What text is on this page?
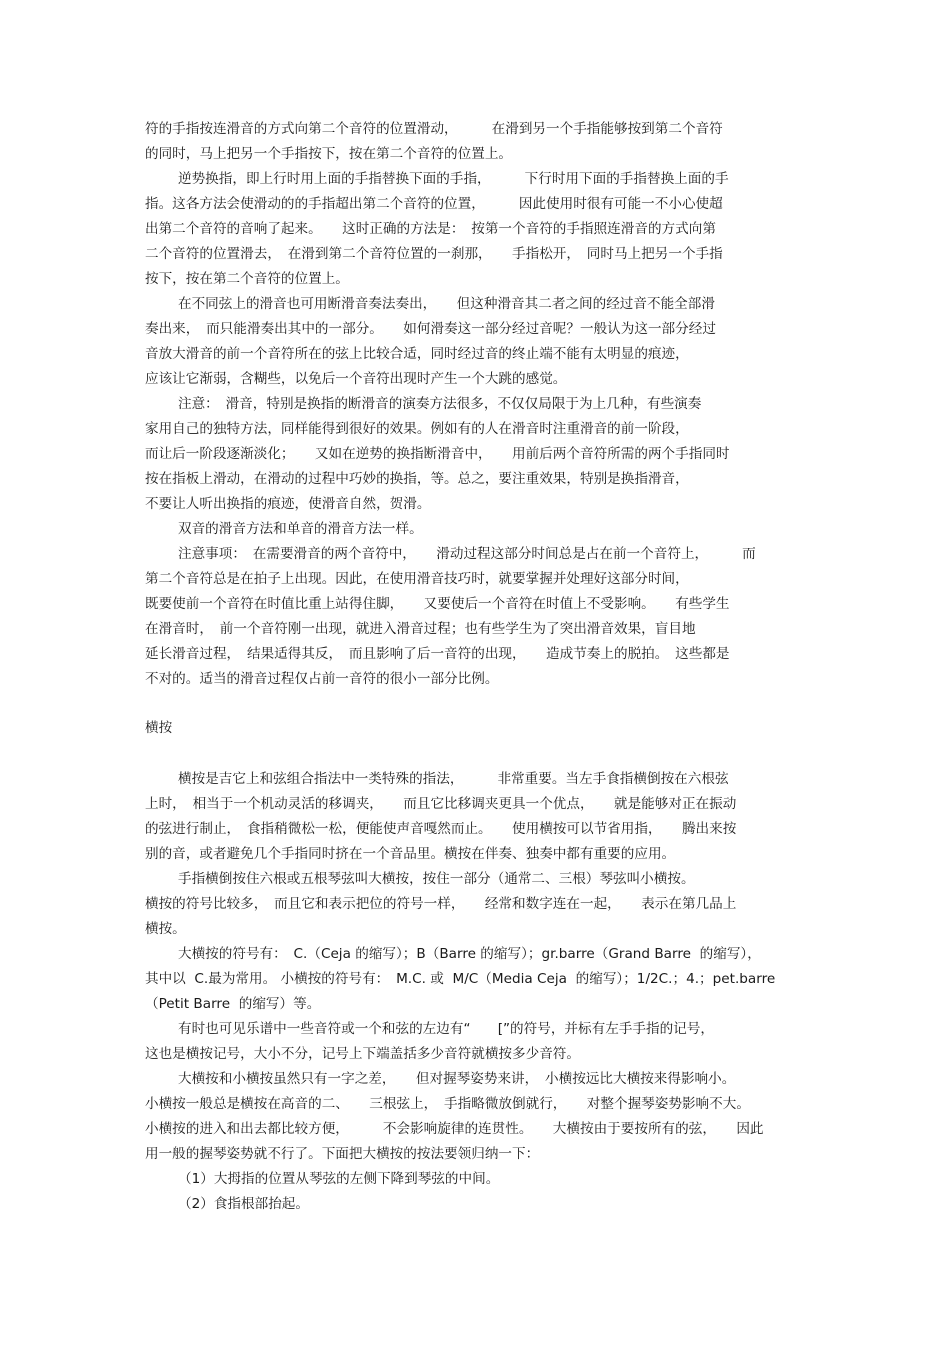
符的手指按连滑音的方式向第二个音符的位置滑动，　　　在滑到另一个手指能够按到第二个音符
的同时，马上把另一个手指按下，按在第二个音符的位置上。
逆势换指，即上行时用上面的手指替换下面的手指，　　　下行时用下面的手指替换上面的手
指。这各方法会使滑动的的手指超出第二个音符的位置，　　　因此使用时很有可能一不小心使超
出第二个音符的音响了起来。　　这时正确的方法是：　按第一个音符的手指照连滑音的方式向第
二个音符的位置滑去，　在滑到第二个音符位置的一刹那，　　手指松开，　同时马上把另一个手指
按下，按在第二个音符的位置上。
在不同弦上的滑音也可用断滑音奏法奏出，　　但这种滑音其二者之间的经过音不能全部滑
奏出来，　而只能滑奏出其中的一部分。　　如何滑奏这一部分经过音呢？一般认为这一部分经过
音放大滑音的前一个音符所在的弦上比较合适，同时经过音的终止端不能有太明显的痕迹，
应该让它渐弱，含糊些，以免后一个音符出现时产生一个大跳的感觉。
注意：　滑音，特别是换指的断滑音的演奏方法很多，不仅仅局限于为上几种，有些演奏
家用自己的独特方法，同样能得到很好的效果。例如有的人在滑音时注重滑音的前一阶段，
而让后一阶段逐渐淡化；　　又如在逆势的换指断滑音中，　　用前后两个音符所需的两个手指同时
按在指板上滑动，在滑动的过程中巧妙的换指，等。总之，要注重效果，特别是换指滑音，
不要让人听出换指的痕迹，使滑音自然，贺滑。
双音的滑音方法和单音的滑音方法一样。
注意事项：　在需要滑音的两个音符中，　　滑动过程这部分时间总是占在前一个音符上，　　　而
第二个音符总是在拍子上出现。因此，在使用滑音技巧时，就要掌握并处理好这部分时间，
既要使前一个音符在时值比重上站得住脚，　　又要使后一个音符在时值上不受影响。　　有些学生
在滑音时，　前一个音符刚一出现，就进入滑音过程；也有些学生为了突出滑音效果，盲目地
延长滑音过程，　结果适得其反，　而且影响了后一音符的出现，　　造成节奏上的脱拍。　这些都是
不对的。适当的滑音过程仅占前一音符的很小一部分比例。
横按
横按是吉它上和弦组合指法中一类特殊的指法，　　　非常重要。当左手食指横倒按在六根弦
上时，　相当于一个机动灵活的移调夹，　　而且它比移调夹更具一个优点，　　就是能够对正在振动
的弦进行制止，　食指稍微松一松，便能使声音嘎然而止。　　使用横按可以节省用指，　　腾出来按
别的音，或者避免几个手指同时挤在一个音品里。横按在伴奏、独奏中都有重要的应用。
手指横倒按住六根或五根琴弦叫大横按，按住一部分（通常二、三根）琴弦叫小横按。
横按的符号比较多，　而且它和表示把位的符号一样，　　经常和数字连在一起，　　表示在第几品上
横按。
大横按的符号有：　C.（Ceja 的缩写）；B（Barre 的缩写）；gr.barre（Grand Barre  的缩写），
其中以  C.最为常用。 小横按的符号有：　M.C. 或  M/C（Media Ceja  的缩写）；1/2C.；4.；pet.barre
（Petit Barre  的缩写）等。
有时也可见乐谱中一些音符或一个和弦的左边有“　　[”的符号，并标有左手手指的记号，
这也是横按记号，大小不分，记号上下端盖括多少音符就横按多少音符。
大横按和小横按虽然只有一字之差，　　但对握琴姿势来讲，　小横按远比大横按来得影响小。
小横按一般总是横按在高音的二、　　三根弦上，　手指略微放倒就行，　　对整个握琴姿势影响不大。
小横按的进入和出去都比较方便，　　　不会影响旋律的连贯性。　　大横按由于要按所有的弦，　　因此
用一般的握琴姿势就不行了。下面把大横按的按法要领归纳一下：
（1）大拇指的位置从琴弦的左侧下降到琴弦的中间。
（2）食指根部抬起。
